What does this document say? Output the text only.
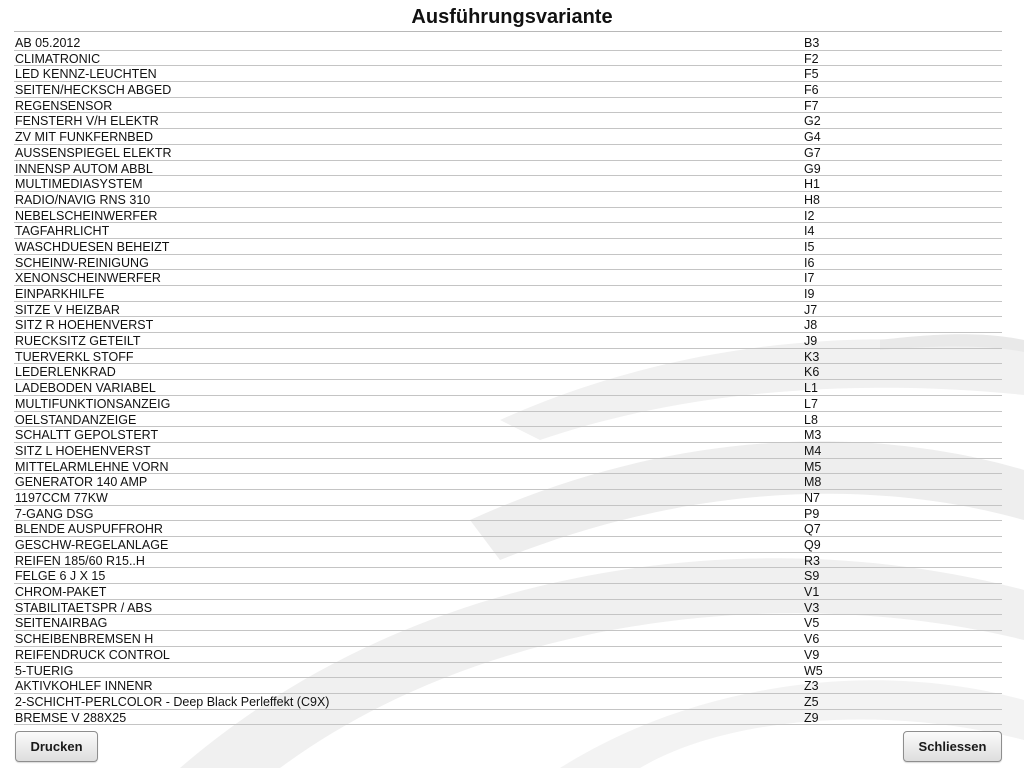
Ausführungsvariante
AB 05.2012	B3
CLIMATRONIC	F2
LED KENNZ-LEUCHTEN	F5
SEITEN/HECKSCH ABGED	F6
REGENSENSOR	F7
FENSTERH V/H ELEKTR	G2
ZV MIT FUNKFERNBED	G4
AUSSENSPIEGEL ELEKTR	G7
INNENSP AUTOM ABBL	G9
MULTIMEDIASYSTEM	H1
RADIO/NAVIG RNS 310	H8
NEBELSCHEINWERFER	I2
TAGFAHRLICHT	I4
WASCHDUESEN BEHEIZT	I5
SCHEINW-REINIGUNG	I6
XENONSCHEINWERFER	I7
EINPARKHILFE	I9
SITZE V HEIZBAR	J7
SITZ R HOEHENVERST	J8
RUECKSITZ GETEILT	J9
TUERVERKL STOFF	K3
LEDERLENKRAD	K6
LADEBODEN VARIABEL	L1
MULTIFUNKTIONSANZEIG	L7
OELSTANDANZEIGE	L8
SCHALTT GEPOLSTERT	M3
SITZ L HOEHENVERST	M4
MITTELARMLEHNE VORN	M5
GENERATOR 140 AMP	M8
1197CCM 77KW	N7
7-GANG DSG	P9
BLENDE AUSPUFFROHR	Q7
GESCHW-REGELANLAGE	Q9
REIFEN 185/60 R15..H	R3
FELGE 6 J X 15	S9
CHROM-PAKET	V1
STABILITAETSPR / ABS	V3
SEITENAIRBAG	V5
SCHEIBENBREMSEN H	V6
REIFENDRUCK CONTROL	V9
5-TUERIG	W5
AKTIVKOHLEF INNENR	Z3
2-SCHICHT-PERLCOLOR - Deep Black Perleffekt (C9X)	Z5
BREMSE V 288X25	Z9
Drucken	Schliessen
